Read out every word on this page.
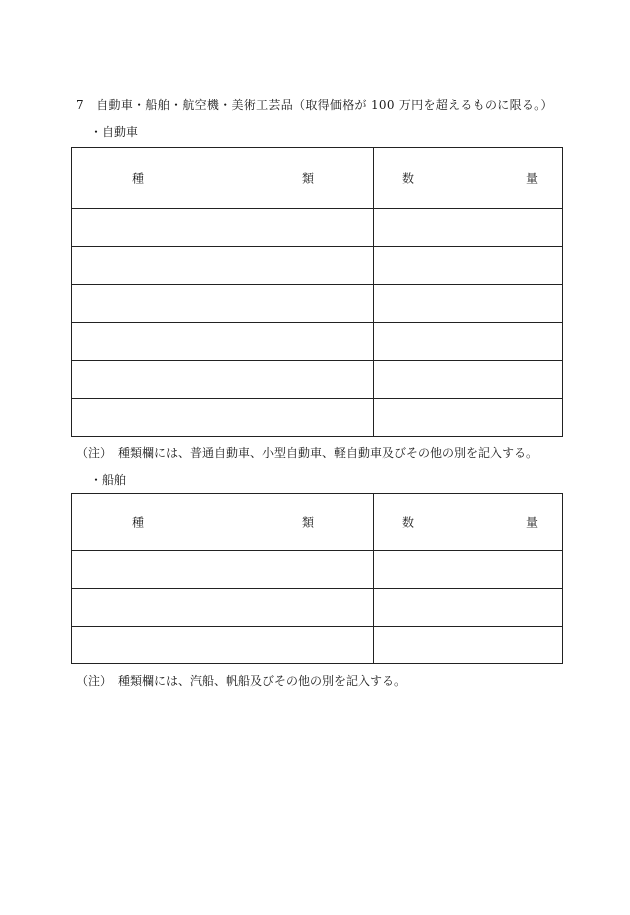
7　自動車・船舶・航空機・美術工芸品（取得価格が 100 万円を超えるものに限る。）
・自動車
種 類	数 量

（注）　種類欄には、普通自動車、小型自動車、軽自動車及びその他の別を記入する。
・船舶
種 類	数 量

（注）　種類欄には、汽船、帆船及びその他の別を記入する。
